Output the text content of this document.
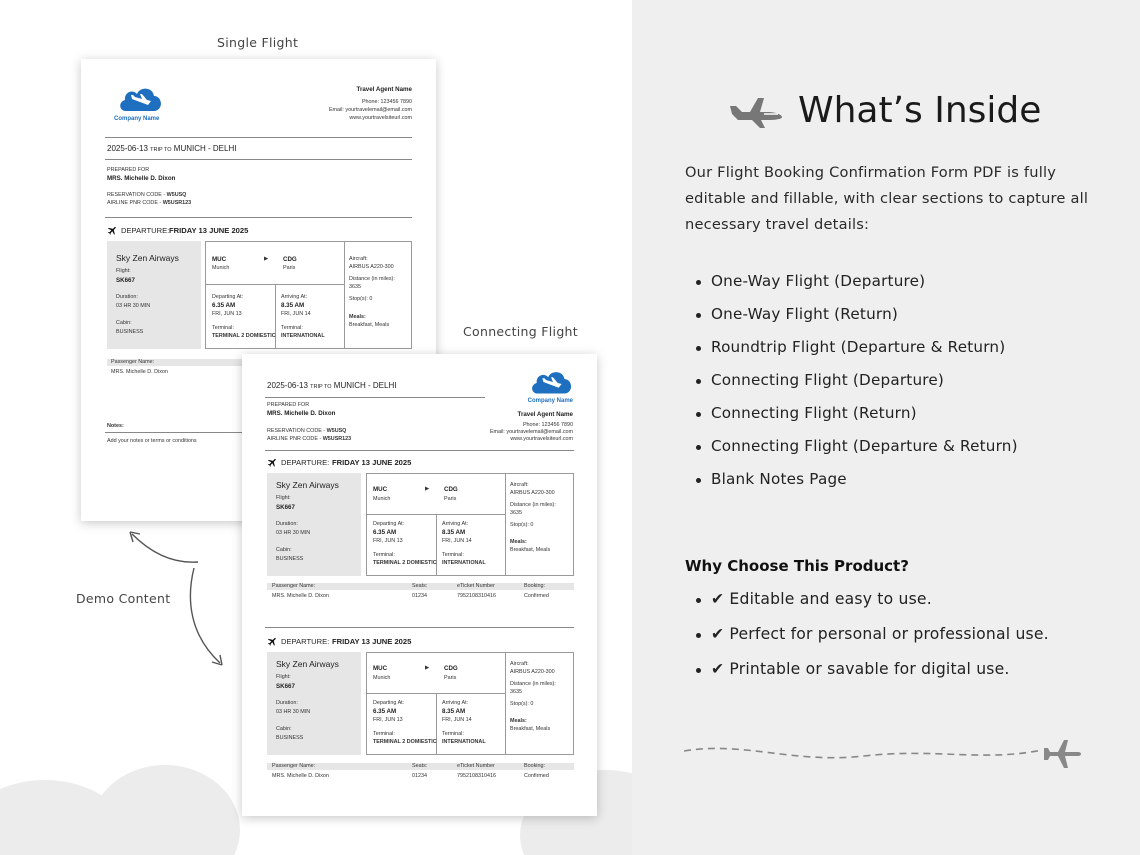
Single Flight
Connecting Flight
Demo Content
Company Name
Travel Agent Name
Phone: 123456 7890
Email: yourtravelemail@email.com
www.yourtravelsiteurl.com
2025-06-13 TRIP TO MUNICH - DELHI
PREPARED FOR
MRS. Michelle D. Dixon
RESERVATION CODE - W5USQ
AIRLINE PNR CODE - W5USR123
DEPARTURE: FRIDAY 13 JUNE 2025
Sky Zen Airways
Flight:
SK667
Duration:
03 HR 30 MIN
Cabin:
BUSINESS
MUC
Munich
▶ CDG
Paris
Departing At:
6.35 AM
FRI, JUN 13
Terminal:
TERMINAL 2 DOMIESTIC
Arriving At:
8.35 AM
FRI, JUN 14
Terminal:
INTERNATIONAL
Aircraft:
AIRBUS A220-300
Distance (in miles):
3635
Stop(s): 0
Meals:
Breakfast, Meals
Passenger Name:
MRS. Michelle D. Dixon
Notes:
Add your notes or terms or conditions
2025-06-13 TRIP TO MUNICH - DELHI
PREPARED FOR
MRS. Michelle D. Dixon
RESERVATION CODE - W5USQ
AIRLINE PNR CODE - W5USR123
Company Name
Travel Agent Name
Phone: 123456 7890
Email: yourtravelemail@email.com
www.yourtravelsiteurl.com
DEPARTURE: FRIDAY 13 JUNE 2025
Sky Zen Airways
Flight:
SK667
Duration:
03 HR 30 MIN
Cabin:
BUSINESS
MUC
Munich
▶ CDG
Paris
Departing At:
6.35 AM
FRI, JUN 13
Terminal:
TERMINAL 2 DOMIESTIC
Arriving At:
8.35 AM
FRI, JUN 14
Terminal:
INTERNATIONAL
Aircraft:
AIRBUS A220-300
Distance (in miles):
3635
Stop(s): 0
Meals:
Breakfast, Meals
Passenger Name:	Seats:	eTicket Number	Booking:
MRS. Michelle D. Dixon	01234	7952108310416	Confirmed
DEPARTURE: FRIDAY 13 JUNE 2025
Sky Zen Airways
Flight:
SK667
Duration:
03 HR 30 MIN
Cabin:
BUSINESS
MUC
Munich
▶ CDG
Paris
Departing At:
6.35 AM
FRI, JUN 13
Terminal:
TERMINAL 2 DOMIESTIC
Arriving At:
8.35 AM
FRI, JUN 14
Terminal:
INTERNATIONAL
Aircraft:
AIRBUS A220-300
Distance (in miles):
3635
Stop(s): 0
Meals:
Breakfast, Meals
Passenger Name:	Seats:	eTicket Number	Booking:
MRS. Michelle D. Dixon	01234	7952108310416	Confirmed
What’s Inside
Our Flight Booking Confirmation Form PDF is fully editable and fillable, with clear sections to capture all necessary travel details:
One-Way Flight (Departure)
One-Way Flight (Return)
Roundtrip Flight (Departure & Return)
Connecting Flight (Departure)
Connecting Flight (Return)
Connecting Flight (Departure & Return)
Blank Notes Page
Why Choose This Product?
✔ Editable and easy to use.
✔ Perfect for personal or professional use.
✔ Printable or savable for digital use.
